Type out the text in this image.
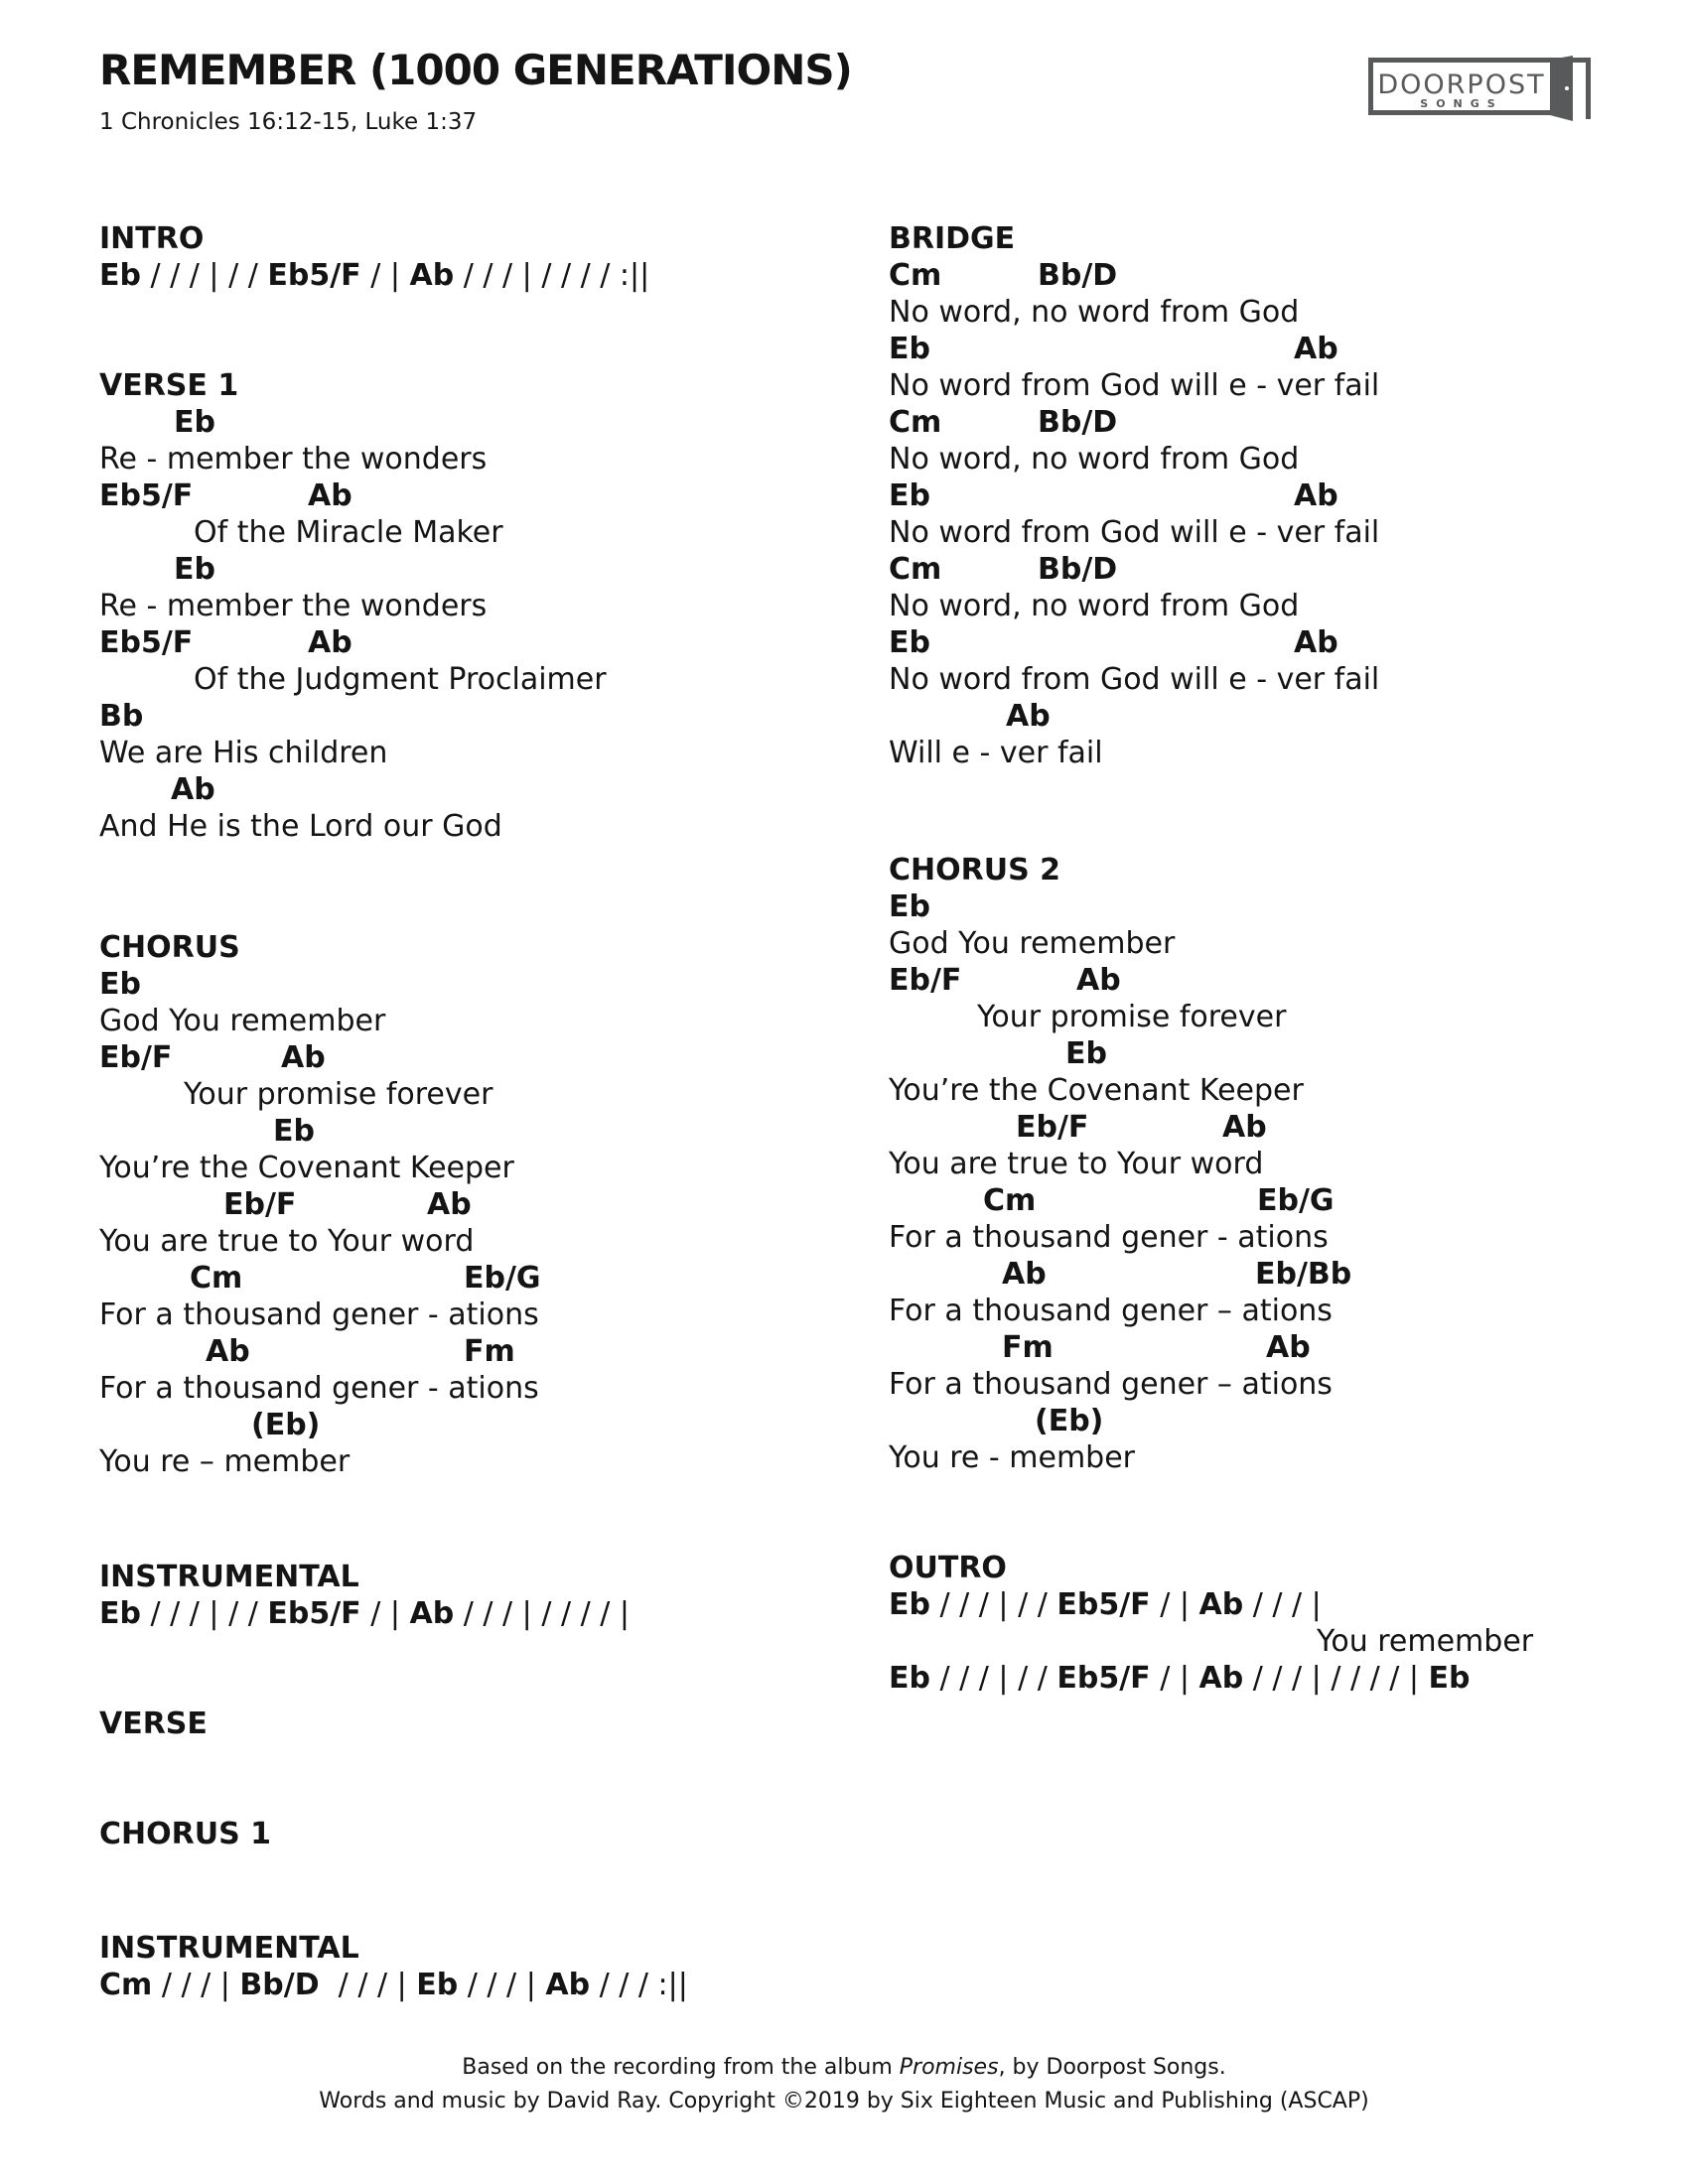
REMEMBER (1000 GENERATIONS)
1 Chronicles 16:12-15, Luke 1:37
DOORPOST
SONGS
INTRO
Eb / / / | / / Eb5/F / | Ab / / / | / / / / :||
VERSE 1
Eb
Re - member the wonders
Eb5/F	Ab
Of the Miracle Maker
Eb
Re - member the wonders
Eb5/F	Ab
Of the Judgment Proclaimer
Bb
We are His children
Ab
And He is the Lord our God
CHORUS
Eb
God You remember
Eb/F	Ab
Your promise forever
Eb
You’re the Covenant Keeper
Eb/F	Ab
You are true to Your word
Cm	Eb/G
For a thousand gener - ations
Ab	Fm
For a thousand gener - ations
(Eb)
You re – member
INSTRUMENTAL
Eb / / / | / / Eb5/F / | Ab / / / | / / / / |
VERSE
CHORUS 1
INSTRUMENTAL
Cm / / / | Bb/D  / / / | Eb / / / | Ab / / / :||
BRIDGE
Cm	Bb/D
No word, no word from God
Eb	Ab
No word from God will e - ver fail
Cm	Bb/D
No word, no word from God
Eb	Ab
No word from God will e - ver fail
Cm	Bb/D
No word, no word from God
Eb	Ab
No word from God will e - ver fail
Ab
Will e - ver fail
CHORUS 2
Eb
God You remember
Eb/F	Ab
Your promise forever
Eb
You’re the Covenant Keeper
Eb/F	Ab
You are true to Your word
Cm	Eb/G
For a thousand gener - ations
Ab	Eb/Bb
For a thousand gener – ations
Fm	Ab
For a thousand gener – ations
(Eb)
You re - member
OUTRO
Eb / / / | / / Eb5/F / | Ab / / / |
You remember
Eb / / / | / / Eb5/F / | Ab / / / | / / / / | Eb
Based on the recording from the album Promises, by Doorpost Songs.
Words and music by David Ray. Copyright ©2019 by Six Eighteen Music and Publishing (ASCAP)
